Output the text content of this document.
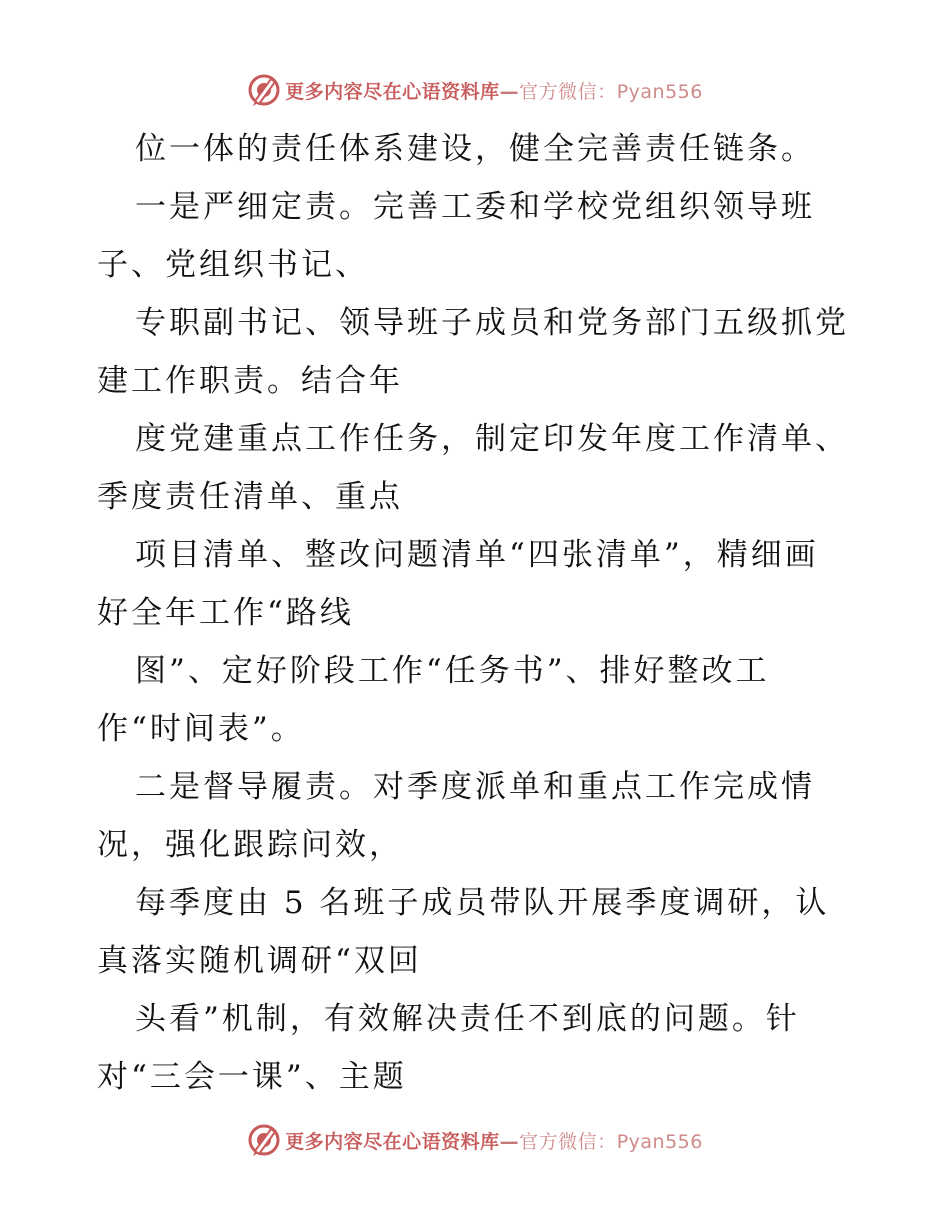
更多内容尽在心语资料库—官方微信：Pyan556
位一体的责任体系建设，健全完善责任链条。
一是严细定责。完善工委和学校党组织领导班
子、党组织书记、
专职副书记、领导班子成员和党务部门五级抓党
建工作职责。结合年
度党建重点工作任务，制定印发年度工作清单、
季度责任清单、重点
项目清单、整改问题清单“四张清单”，精细画
好全年工作“路线
图”、定好阶段工作“任务书”、排好整改工
作“时间表”。
二是督导履责。对季度派单和重点工作完成情
况，强化跟踪问效，
每季度由 5 名班子成员带队开展季度调研，认
真落实随机调研“双回
头看”机制，有效解决责任不到底的问题。针
对“三会一课”、主题
更多内容尽在心语资料库—官方微信：Pyan556
